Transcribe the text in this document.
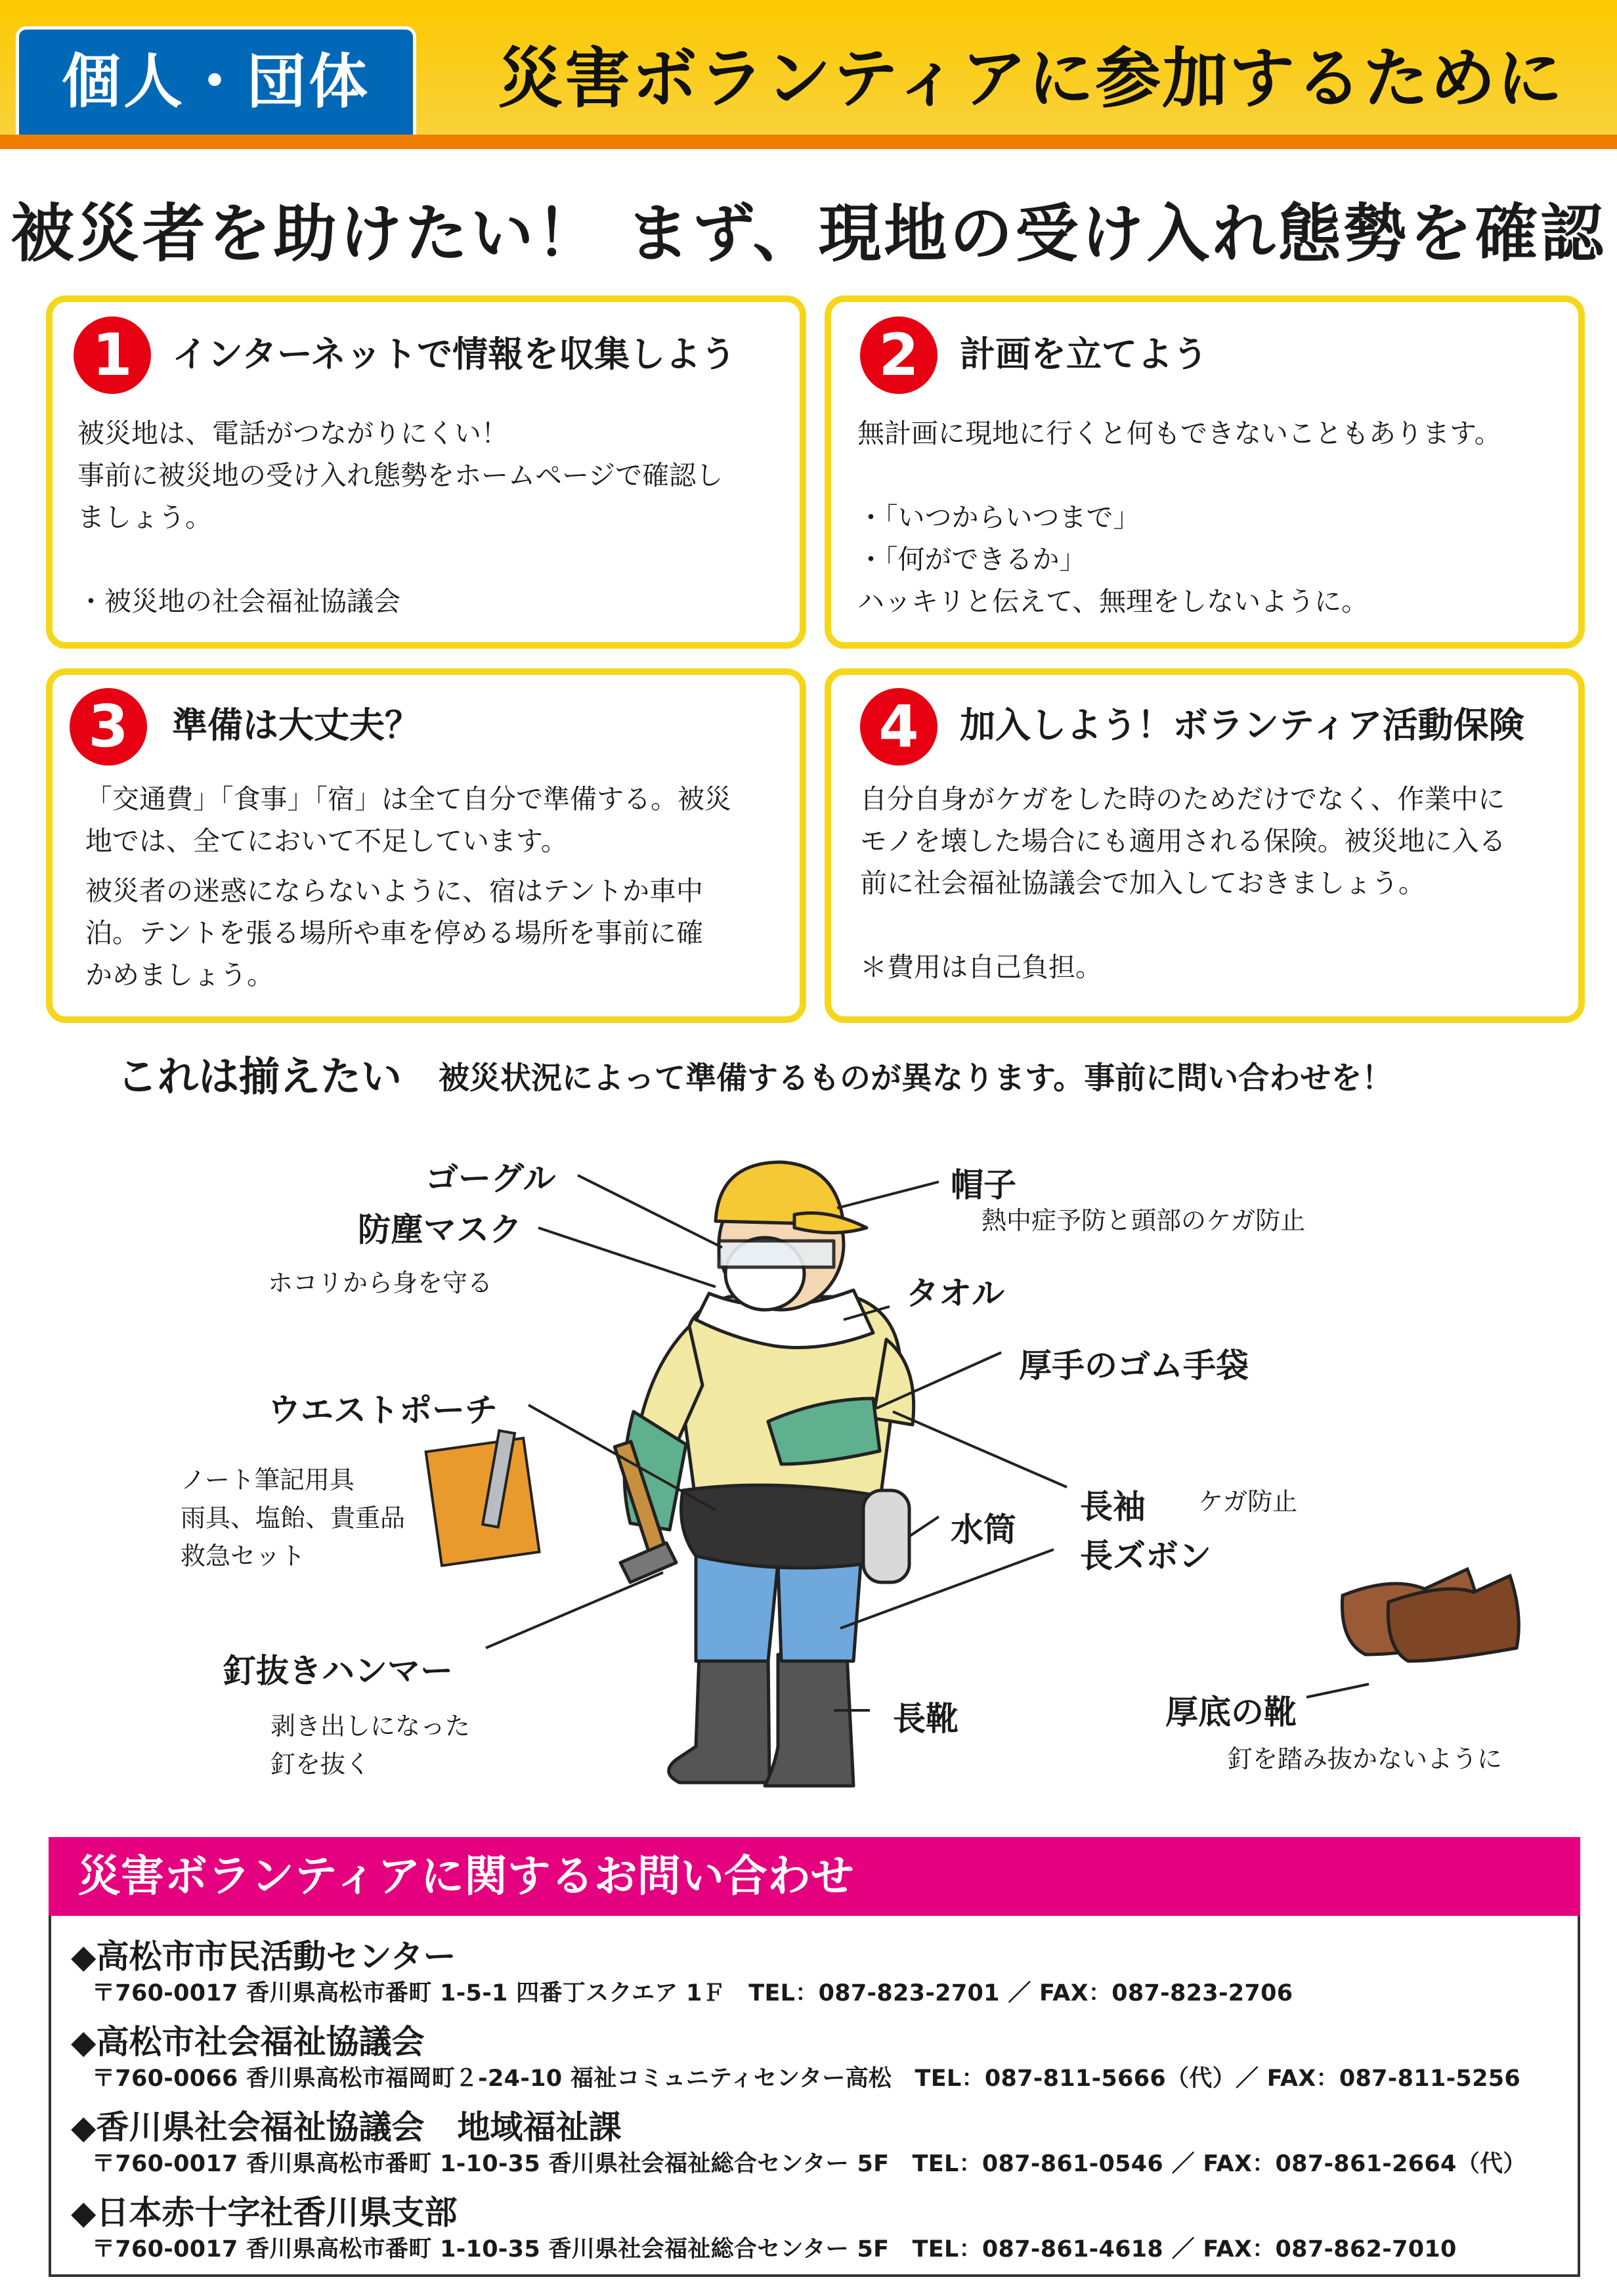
個人・団体	災害ボランティアに参加するために
被災者を助けたい！ まず、現地の受け入れ態勢を確認
1	インターネットで情報を収集しよう
被災地は、電話がつながりにくい！
事前に被災地の受け入れ態勢をホームページで確認し
ましょう。

・被災地の社会福祉協議会
2	計画を立てよう
無計画に現地に行くと何もできないこともあります。

・「いつからいつまで」
・「何ができるか」
ハッキリと伝えて、無理をしないように。
3	準備は大丈夫？
「交通費」「食事」「宿」は全て自分で準備する。被災
地では、全てにおいて不足しています。
被災者の迷惑にならないように、宿はテントか車中
泊。テントを張る場所や車を停める場所を事前に確
かめましょう。
4	加入しよう！ボランティア活動保険
自分自身がケガをした時のためだけでなく、作業中に
モノを壊した場合にも適用される保険。被災地に入る
前に社会福祉協議会で加入しておきましょう。

＊費用は自己負担。
これは揃えたい 被災状況によって準備するものが異なります。事前に問い合わせを！
ゴーグル
防塵マスク
ホコリから身を守る
帽子
熱中症予防と頭部のケガ防止
タオル
厚手のゴム手袋
ウエストポーチ
ノート筆記用具
雨具、塩飴、貴重品
救急セット
長袖 ケガ防止
水筒
長ズボン
釘抜きハンマー
剥き出しになった
釘を抜く
長靴	厚底の靴
釘を踏み抜かないように
災害ボランティアに関するお問い合わせ
◆高松市市民活動センター
〒760-0017 香川県高松市番町 1-5-1 四番丁スクエア 1Ｆ　TEL：087-823-2701 ／ FAX：087-823-2706
◆高松市社会福祉協議会
〒760-0066 香川県高松市福岡町２-24-10 福祉コミュニティセンター高松　TEL：087-811-5666（代）／ FAX：087-811-5256
◆香川県社会福祉協議会　地域福祉課
〒760-0017 香川県高松市番町 1-10-35 香川県社会福祉総合センター 5F　TEL：087-861-0546 ／ FAX：087-861-2664（代）
◆日本赤十字社香川県支部
〒760-0017 香川県高松市番町 1-10-35 香川県社会福祉総合センター 5F　TEL：087-861-4618 ／ FAX：087-862-7010
